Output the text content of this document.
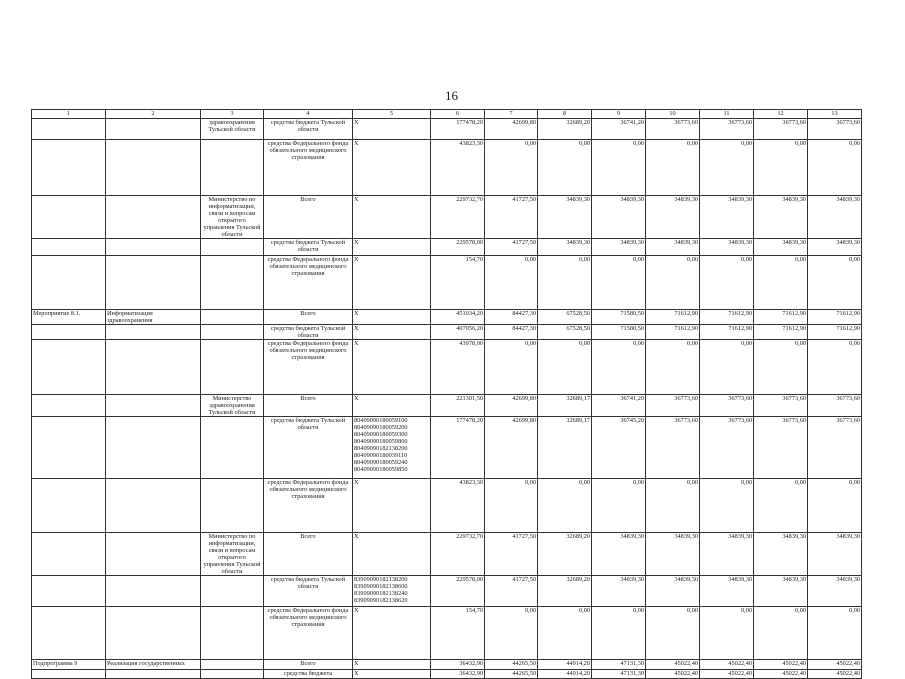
16
1	2	3	4	5	6	7	8	9	10	11	12	13
		здравоохранения Тульской области	средства бюджета Тульской области	Х	177478,20	42699,80	32689,20	36741,20	36773,60	36773,60	36773,60	36773,60
			средства Федерального фонда обязательного медицинского страхования	Х	43823,30	0,00	0,00	0,00	0,00	0,00	0,00	0,00
		Министерство по информатизации, связи и вопросам открытого управления Тульской области	Всего	Х	229732,70	41727,50	34839,30	34839,30	34839,30	34839,30	34839,30	34839,30
			средства бюджета Тульской области	Х	229578,00	41727,50	34839,30	34839,30	34839,30	34839,30	34839,30	34839,30
			средства Федерального фонда обязательного медицинского страхования	Х	154,70	0,00	0,00	0,00	0,00	0,00	0,00	0,00
Мероприятие 8.1.	Информатизация здравоохранения		Всего	Х	451034,20	84427,30	67528,50	71580,50	71612,90	71612,90	71612,90	71612,90
			средства бюджета Тульской области	Х	407056,20	84427,30	67528,50	71580,50	71612,90	71612,90	71612,90	71612,90
			средства Федерального фонда обязательного медицинского страхования	Х	43978,00	0,00	0,00	0,00	0,00	0,00	0,00	0,00
		Министерство здравоохранения Тульской области	Всего	Х	221301,50	42699,80	32689,17	36741,20	36773,60	36773,60	36773,60	36773,60
			средства бюджета Тульской области	80409090180059100 80409090180059200 80409090180059300 80409090180059800 80409090182138200 80409090180039110 80409090180059240 80409090180059850	177478,20	42699,80	32689,17	36745,20	36773,60	36773,60	36773,60	36773,60
			средства Федерального фонда обязательного медицинского страхования	Х	43823,30	0,00	0,00	0,00	0,00	0,00	0,00	0,00
		Министерство по информатизации, связи и вопросам открытого управления Тульской области	Всего	Х	229732,70	41727,50	32689,20	34839,30	34839,30	34839,30	34839,30	34839,30
			средства бюджета Тульской области	83909090182138200 83909090182138600 83909090182138240 83909090182138620	229578,00	41727,50	32689,20	34839,30	34839,30	34839,30	34839,30	34839,30
			средства Федерального фонда обязательного медицинского страхования	Х	154,70	0,00	0,00	0,00	0,00	0,00	0,00	0,00
Подпрограмма 9	Реализация государственных		Всего	Х	36432,90	44265,50	44914,20	47131,30	45022,40	45022,40	45022,40	45022,40
			средства бюджета	Х	36432,90	44265,50	44914,20	47131,30	45022,40	45022,40	45022,40	45022,40
